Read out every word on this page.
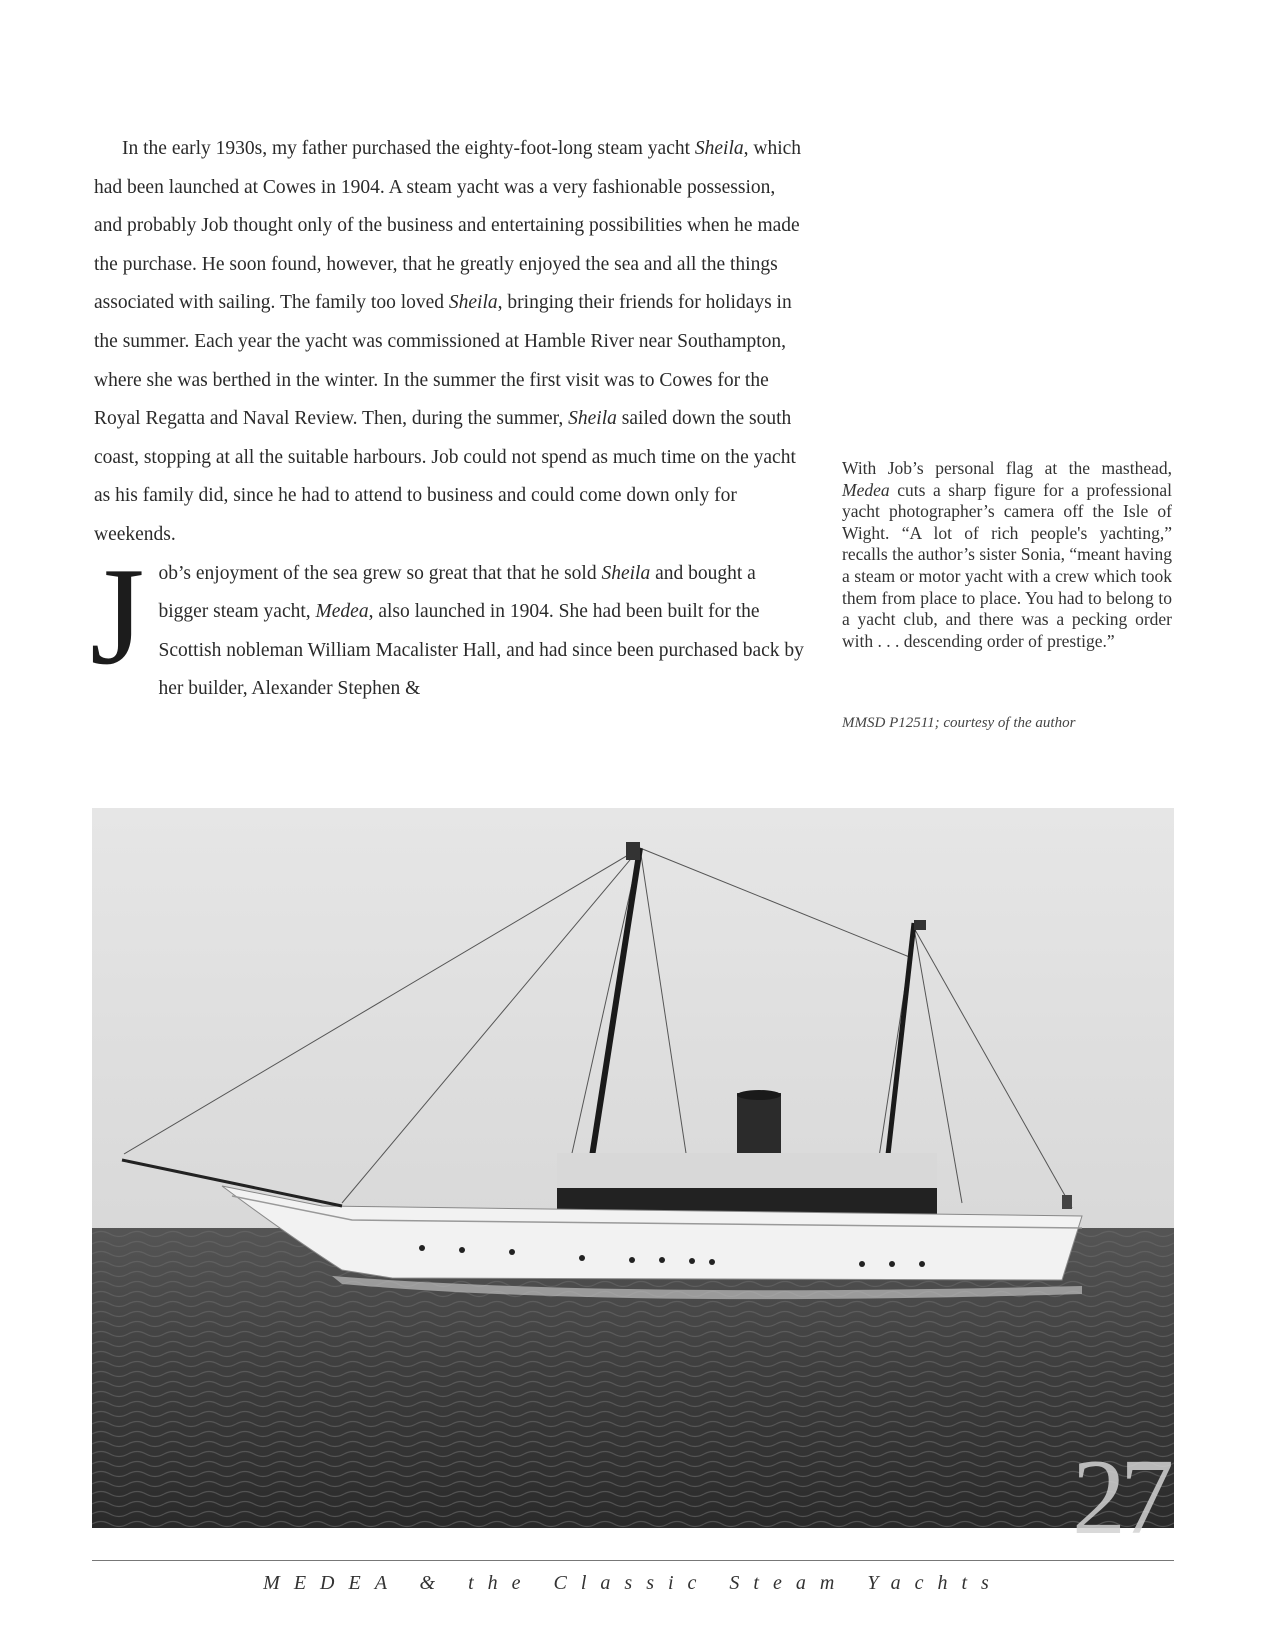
In the early 1930s, my father purchased the eighty-foot-long steam yacht Sheila, which had been launched at Cowes in 1904. A steam yacht was a very fashionable possession, and probably Job thought only of the business and entertaining possibilities when he made the purchase. He soon found, however, that he greatly enjoyed the sea and all the things associated with sailing. The family too loved Sheila, bringing their friends for holidays in the summer. Each year the yacht was commissioned at Hamble River near Southampton, where she was berthed in the winter. In the summer the first visit was to Cowes for the Royal Regatta and Naval Review. Then, during the summer, Sheila sailed down the south coast, stopping at all the suitable harbours. Job could not spend as much time on the yacht as his family did, since he had to attend to business and could come down only for weekends.

Job’s enjoyment of the sea grew so great that that he sold Sheila and bought a bigger steam yacht, Medea, also launched in 1904. She had been built for the Scottish nobleman William Macalister Hall, and had since been purchased back by her builder, Alexander Stephen &

With Job’s personal flag at the masthead, Medea cuts a sharp figure for a professional yacht photographer’s camera off the Isle of Wight. “A lot of rich people's yachting,” recalls the author’s sister Sonia, “meant having a steam or motor yacht with a crew which took them from place to place. You had to belong to a yacht club, and there was a pecking order with . . . descending order of prestige.”

MMSD P12511; courtesy of the author
27
MEDEA & the Classic Steam Yachts
